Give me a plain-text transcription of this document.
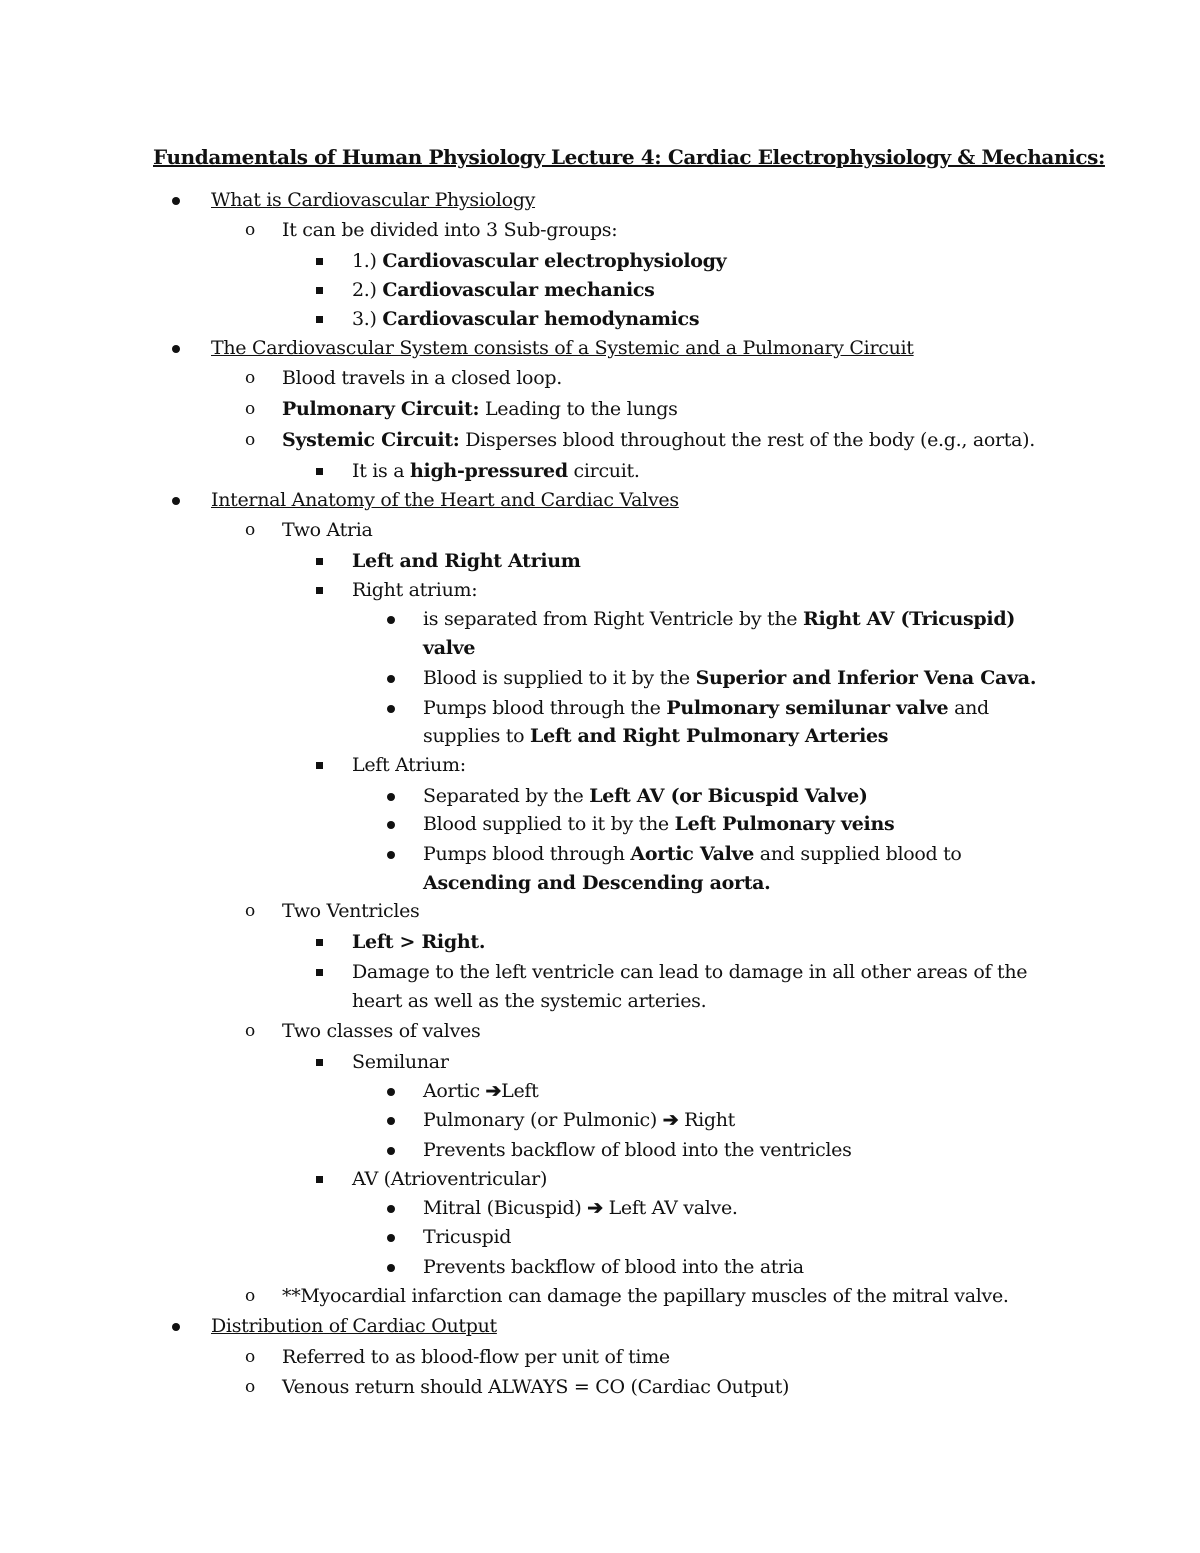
Fundamentals of Human Physiology Lecture 4: Cardiac Electrophysiology & Mechanics:
What is Cardiovascular Physiology
o It can be divided into 3 Sub-groups:
1.) Cardiovascular electrophysiology
2.) Cardiovascular mechanics
3.) Cardiovascular hemodynamics
The Cardiovascular System consists of a Systemic and a Pulmonary Circuit
o Blood travels in a closed loop.
o Pulmonary Circuit: Leading to the lungs
o Systemic Circuit: Disperses blood throughout the rest of the body (e.g., aorta).
It is a high-pressured circuit.
Internal Anatomy of the Heart and Cardiac Valves
o Two Atria
Left and Right Atrium
Right atrium:
is separated from Right Ventricle by the Right AV (Tricuspid)
valve
Blood is supplied to it by the Superior and Inferior Vena Cava.
Pumps blood through the Pulmonary semilunar valve and
supplies to Left and Right Pulmonary Arteries
Left Atrium:
Separated by the Left AV (or Bicuspid Valve)
Blood supplied to it by the Left Pulmonary veins
Pumps blood through Aortic Valve and supplied blood to
Ascending and Descending aorta.
o Two Ventricles
Left > Right.
Damage to the left ventricle can lead to damage in all other areas of the
heart as well as the systemic arteries.
o Two classes of valves
Semilunar
Aortic ➔Left
Pulmonary (or Pulmonic) ➔ Right
Prevents backflow of blood into the ventricles
AV (Atrioventricular)
Mitral (Bicuspid) ➔ Left AV valve.
Tricuspid
Prevents backflow of blood into the atria
o **Myocardial infarction can damage the papillary muscles of the mitral valve.
Distribution of Cardiac Output
o Referred to as blood-flow per unit of time
o Venous return should ALWAYS = CO (Cardiac Output)
